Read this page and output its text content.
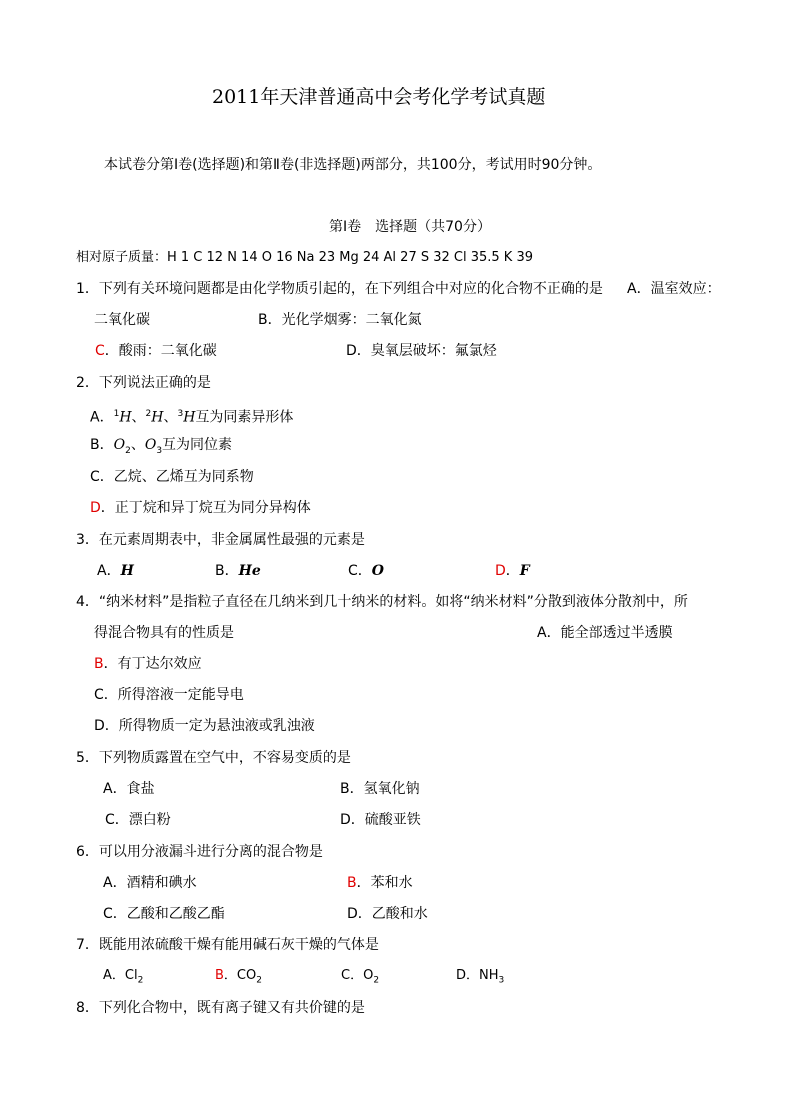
2011年天津普通高中会考化学考试真题
本试卷分第Ⅰ卷(选择题)和第Ⅱ卷(非选择题)两部分，共100分，考试用时90分钟。
第Ⅰ卷　选择题（共70分）
相对原子质量：H 1 C 12 N 14 O 16 Na 23 Mg 24 Al 27 S 32 Cl 35.5 K 39
1．下列有关环境问题都是由化学物质引起的，在下列组合中对应的化合物不正确的是 A．温室效应：
二氧化碳	B．光化学烟雾：二氧化氮
C．酸雨：二氧化碳	D．臭氧层破坏：氟氯烃
2．下列说法正确的是
A．$^1$H、$^2$H、$^3$H互为同素异形体
B．$O_2$、$O_3$互为同位素
C．乙烷、乙烯互为同系物
D．正丁烷和异丁烷互为同分异构体
3．在元素周期表中，非金属属性最强的元素是
A．H	B．He	C．O	D．F
4．“纳米材料”是指粒子直径在几纳米到几十纳米的材料。如将“纳米材料”分散到液体分散剂中，所
得混合物具有的性质是	A．能全部透过半透膜
B．有丁达尔效应
C．所得溶液一定能导电
D．所得物质一定为悬浊液或乳浊液
5．下列物质露置在空气中，不容易变质的是
A．食盐	B．氢氧化钠
C．漂白粉	D．硫酸亚铁
6．可以用分液漏斗进行分离的混合物是
A．酒精和碘水	B．苯和水
C．乙酸和乙酸乙酯	D．乙酸和水
7．既能用浓硫酸干燥有能用碱石灰干燥的气体是
A．$Cl_2$	B．$CO_2$	C．$O_2$	D．$NH_3$
8．下列化合物中，既有离子键又有共价键的是
